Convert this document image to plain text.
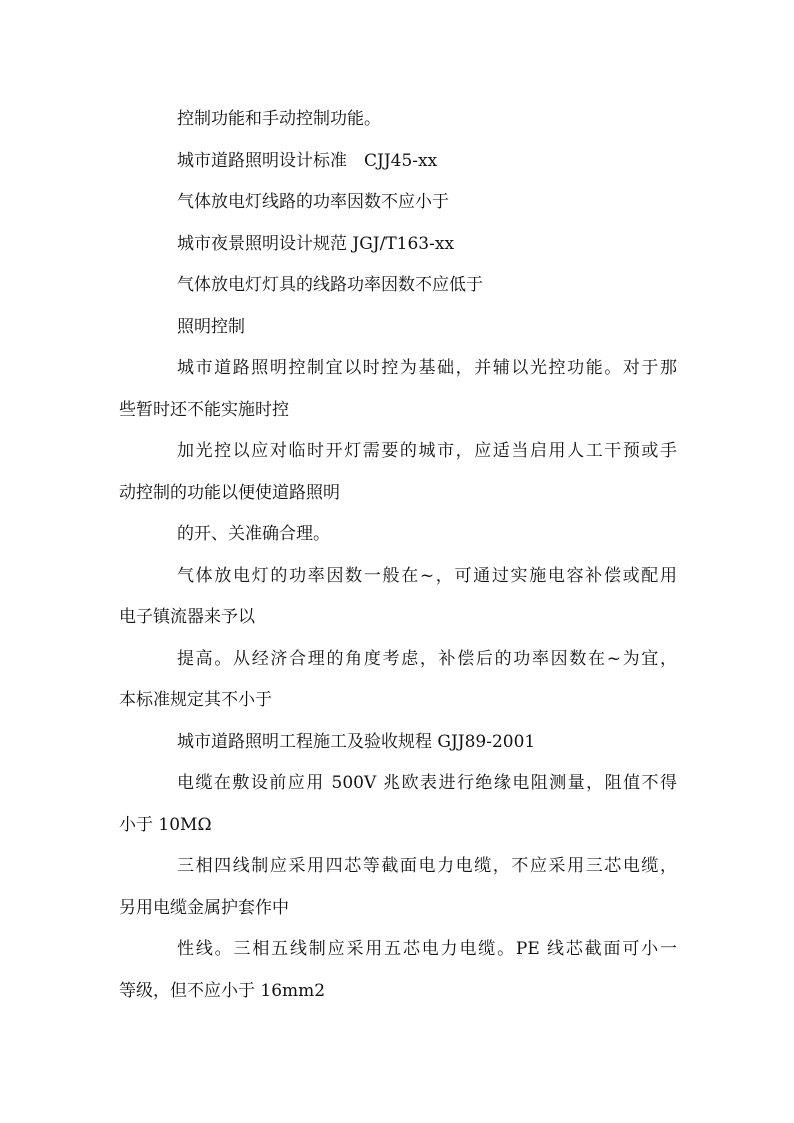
控制功能和手动控制功能。
城市道路照明设计标准　CJJ45-xx
气体放电灯线路的功率因数不应小于
城市夜景照明设计规范 JGJ/T163-xx
气体放电灯灯具的线路功率因数不应低于
照明控制
城市道路照明控制宜以时控为基础，并辅以光控功能。对于那
些暂时还不能实施时控
加光控以应对临时开灯需要的城市，应适当启用人工干预或手
动控制的功能以便使道路照明
的开、关准确合理。
气体放电灯的功率因数一般在~，可通过实施电容补偿或配用
电子镇流器来予以
提高。从经济合理的角度考虑，补偿后的功率因数在~为宜，
本标准规定其不小于
城市道路照明工程施工及验收规程 GJJ89-2001
电缆在敷设前应用 500V 兆欧表进行绝缘电阻测量，阻值不得
小于 10MΩ
三相四线制应采用四芯等截面电力电缆，不应采用三芯电缆，
另用电缆金属护套作中
性线。三相五线制应采用五芯电力电缆。PE 线芯截面可小一
等级，但不应小于 16mm2
